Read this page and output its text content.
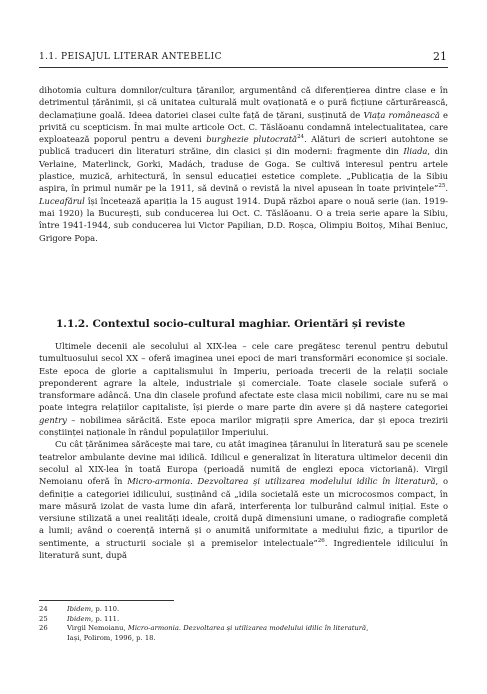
1.1. PEISAJUL LITERAR ANTEBELIC	21

dihotomia cultura domnilor/cultura țăranilor, argumentând că diferențierea dintre clase e în detrimentul țărănimii, și că unitatea culturală mult ovaționată e o pură ficțiune cărturărească, declamațiune goală. Ideea datoriei clasei culte față de țărani, susținută de Viața românească e privită cu scepticism. În mai multe articole Oct. C. Tăslăoanu condamnă intelectualitatea, care exploatează poporul pentru a deveni burghezie plutocrată$^{24}$. Alături de scrieri autohtone se publică traduceri din literaturi străine, din clasici și din moderni: fragmente din Iliada, din Verlaine, Materlinck, Gorki, Madách, traduse de Goga. Se cultivă interesul pentru artele plastice, muzică, arhitectură, în sensul educației estetice complete. „Publicația de la Sibiu aspira, în primul număr pe la 1911, să devină o revistă la nivel apusean în toate privințele”$^{25}$. Luceafărul își încetează apariția la 15 august 1914. După război apare o nouă serie (ian. 1919-mai 1920) la București, sub conducerea lui Oct. C. Tăslăoanu. O a treia serie apare la Sibiu, între 1941-1944, sub conducerea lui Victor Papilian, D.D. Roșca, Olimpiu Boitoș, Mihai Beniuc, Grigore Popa.

1.1.2. Contextul socio-cultural maghiar. Orientări și reviste

Ultimele decenii ale secolului al XIX-lea – cele care pregătesc terenul pentru debutul tumultuosului secol XX – oferă imaginea unei epoci de mari transformări economice și sociale. Este epoca de glorie a capitalismului în Imperiu, perioada trecerii de la relații sociale preponderent agrare la altele, industriale și comerciale. Toate clasele sociale suferă o transformare adâncă. Una din clasele profund afectate este clasa micii nobilimi, care nu se mai poate integra relațiilor capitaliste, își pierde o mare parte din avere și dă naștere categoriei gentry – nobilimea sărăcită. Este epoca marilor migrații spre America, dar și epoca trezirii conștiinței naționale în rândul populațiilor Imperiului.

Cu cât țărănimea sărăcește mai tare, cu atât imaginea țăranului în literatură sau pe scenele teatrelor ambulante devine mai idilică. Idilicul e generalizat în literatura ultimelor decenii din secolul al XIX-lea în toată Europa (perioadă numită de englezi epoca victoriană). Virgil Nemoianu oferă în Micro-armonia. Dezvoltarea și utilizarea modelului idilic în literatură, o definiție a categoriei idilicului, susținând că „idila societală este un microcosmos compact, în mare măsură izolat de vasta lume din afară, interferența lor tulburând calmul inițial. Este o versiune stilizată a unei realități ideale, croită după dimensiuni umane, o radiografie completă a lumii; având o coerență internă și o anumită uniformitate a mediului fizic, a tipurilor de sentimente, a structurii sociale și a premiselor intelectuale”$^{26}$. Ingredientele idilicului în literatură sunt, după

24	Ibidem, p. 110.
25	Ibidem, p. 111.
26	Virgil Nemoianu, Micro-armonia. Dezvoltarea și utilizarea modelului idilic în literatură,
Iași, Polirom, 1996, p. 18.
